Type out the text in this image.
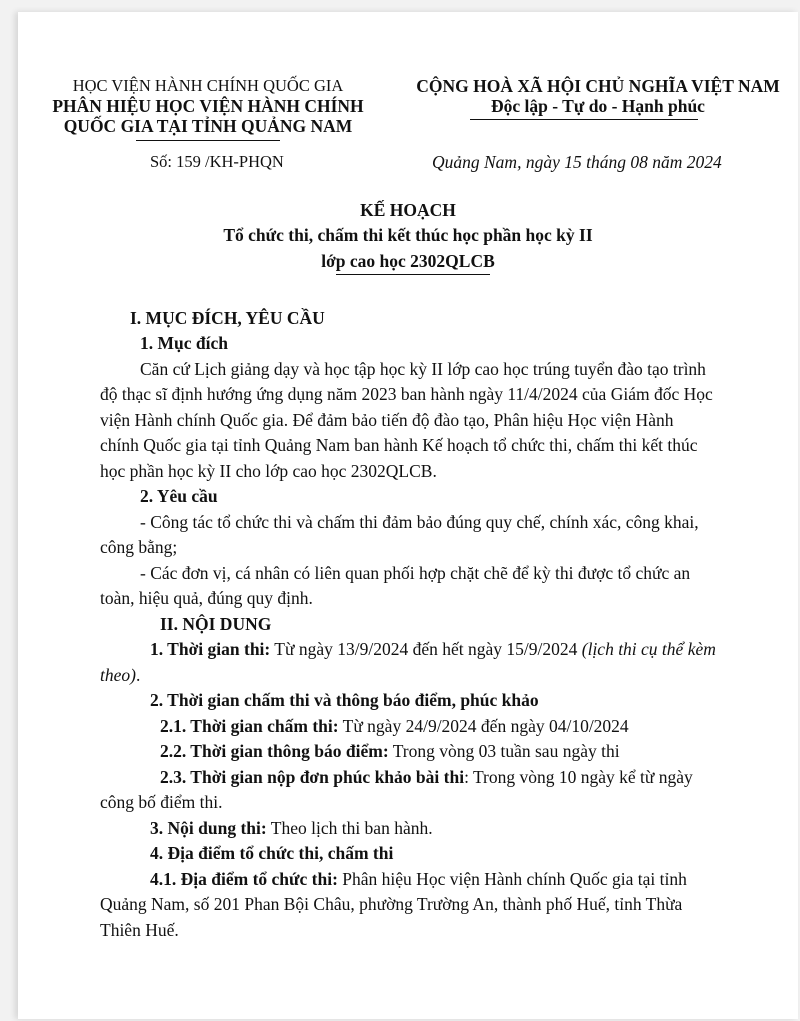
HỌC VIỆN HÀNH CHÍNH QUỐC GIA
PHÂN HIỆU HỌC VIỆN HÀNH CHÍNH
QUỐC GIA TẠI TỈNH QUẢNG NAM
CỘNG HOÀ XÃ HỘI CHỦ NGHĨA VIỆT NAM
Độc lập - Tự do - Hạnh phúc
Số: 159 /KH-PHQN	Quảng Nam, ngày 15 tháng 08 năm 2024
KẾ HOẠCH
Tổ chức thi, chấm thi kết thúc học phần học kỳ II
lớp cao học 2302QLCB
I. MỤC ĐÍCH, YÊU CẦU
1. Mục đích
Căn cứ Lịch giảng dạy và học tập học kỳ II lớp cao học trúng tuyển đào tạo trình
độ thạc sĩ định hướng ứng dụng năm 2023 ban hành ngày 11/4/2024 của Giám đốc Học
viện Hành chính Quốc gia. Để đảm bảo tiến độ đào tạo, Phân hiệu Học viện Hành
chính Quốc gia tại tỉnh Quảng Nam ban hành Kế hoạch tổ chức thi, chấm thi kết thúc
học phần học kỳ II cho lớp cao học 2302QLCB.
2. Yêu cầu
- Công tác tổ chức thi và chấm thi đảm bảo đúng quy chế, chính xác, công khai,
công bằng;
- Các đơn vị, cá nhân có liên quan phối hợp chặt chẽ để kỳ thi được tổ chức an
toàn, hiệu quả, đúng quy định.
II. NỘI DUNG
1. Thời gian thi: Từ ngày 13/9/2024 đến hết ngày 15/9/2024 (lịch thi cụ thể kèm
theo).
2. Thời gian chấm thi và thông báo điểm, phúc khảo
2.1. Thời gian chấm thi: Từ ngày 24/9/2024 đến ngày 04/10/2024
2.2. Thời gian thông báo điểm: Trong vòng 03 tuần sau ngày thi
2.3. Thời gian nộp đơn phúc khảo bài thi: Trong vòng 10 ngày kể từ ngày
công bố điểm thi.
3. Nội dung thi: Theo lịch thi ban hành.
4. Địa điểm tổ chức thi, chấm thi
4.1. Địa điểm tổ chức thi: Phân hiệu Học viện Hành chính Quốc gia tại tỉnh
Quảng Nam, số 201 Phan Bội Châu, phường Trường An, thành phố Huế, tỉnh Thừa
Thiên Huế.
